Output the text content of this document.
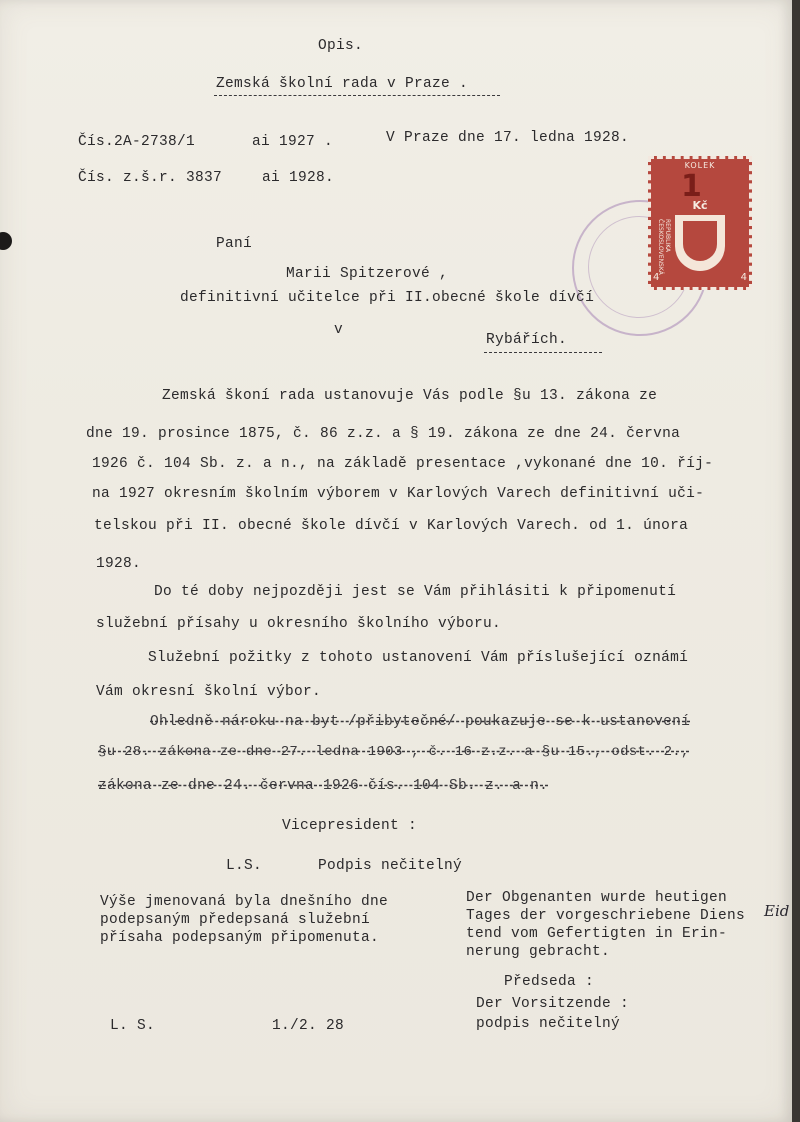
Opis.
Zemská školní rada v Praze .
Čís.2A-2738/1	ai 1927 .	V Praze dne 17. ledna 1928.
Čís. z.š.r. 3837	ai 1928.
KOLEK
1
Kč
REPUBLIKA ČESKOSLOVENSKÁ
4	4
Paní
Marii Spitzerové ,
definitivní učitelce při II.obecné škole dívčí
v
Rybářích.
Zemská škoní rada ustanovuje Vás podle §u 13. zákona ze
dne 19. prosince 1875, č. 86 z.z. a § 19. zákona ze dne 24. června
1926 č. 104 Sb. z. a n., na základě presentace ,vykonané dne 10. říj-
na 1927 okresním školním výborem v Karlových Varech definitivní uči-
telskou při II. obecné škole dívčí v Karlových Varech. od 1. února
1928.
Do té doby nejpozději jest se Vám přihlásiti k připomenutí
služební přísahy u okresního školního výboru.
Služební požitky z tohoto ustanovení Vám příslušející oznámí
Vám okresní školní výbor.
Ohledně nároku na byt /přibytečné/ poukazuje se k ustanovení
§u 28. zákona ze dne 27. ledna 1903 , č. 16 z.z. a §u 15., odst. 2.,
zákona ze dne 24. června 1926 čís. 104 Sb. z. a n.
Vicepresident :
L.S.	Podpis nečitelný
Výše jmenovaná byla dnešního dne
podepsaným předepsaná služební
přísaha podepsaným připomenuta.
Der Obgenanten wurde heutigen
Tages der vorgeschriebene Diens Eid
tend vom Gefertigten in Erin-
nerung gebracht.
Předseda :
Der Vorsitzende :
podpis nečitelný
L. S.	1./2. 28
